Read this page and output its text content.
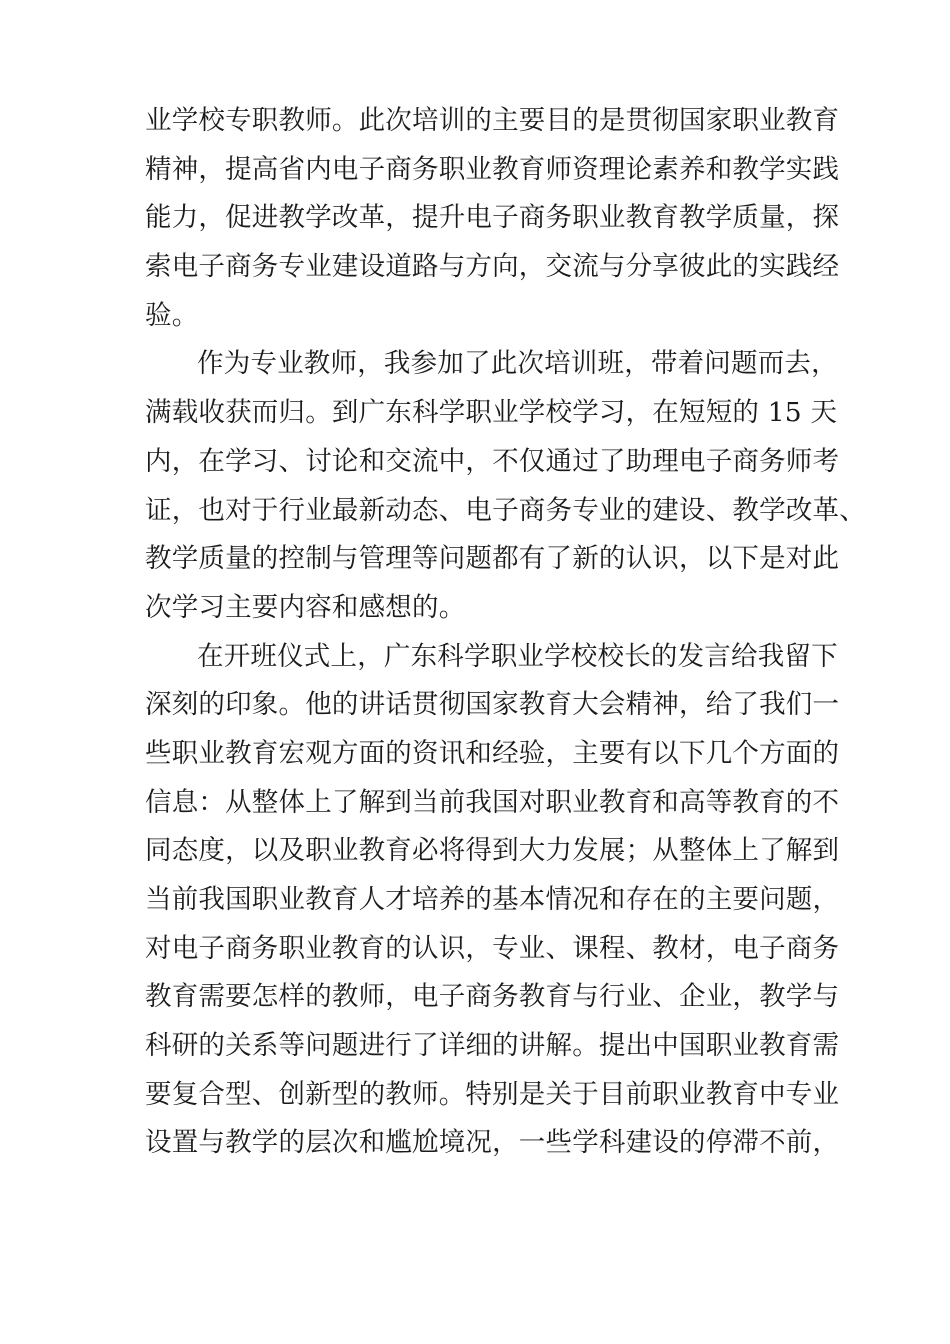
业学校专职教师。此次培训的主要目的是贯彻国家职业教育
精神，提高省内电子商务职业教育师资理论素养和教学实践
能力，促进教学改革，提升电子商务职业教育教学质量，探
索电子商务专业建设道路与方向，交流与分享彼此的实践经
验。
作为专业教师，我参加了此次培训班，带着问题而去，
满载收获而归。到广东科学职业学校学习，在短短的 15 天
内，在学习、讨论和交流中，不仅通过了助理电子商务师考
证，也对于行业最新动态、电子商务专业的建设、教学改革、
教学质量的控制与管理等问题都有了新的认识，以下是对此
次学习主要内容和感想的。
在开班仪式上，广东科学职业学校校长的发言给我留下
深刻的印象。他的讲话贯彻国家教育大会精神，给了我们一
些职业教育宏观方面的资讯和经验，主要有以下几个方面的
信息：从整体上了解到当前我国对职业教育和高等教育的不
同态度，以及职业教育必将得到大力发展；从整体上了解到
当前我国职业教育人才培养的基本情况和存在的主要问题，
对电子商务职业教育的认识，专业、课程、教材，电子商务
教育需要怎样的教师，电子商务教育与行业、企业，教学与
科研的关系等问题进行了详细的讲解。提出中国职业教育需
要复合型、创新型的教师。特别是关于目前职业教育中专业
设置与教学的层次和尴尬境况，一些学科建设的停滞不前，
